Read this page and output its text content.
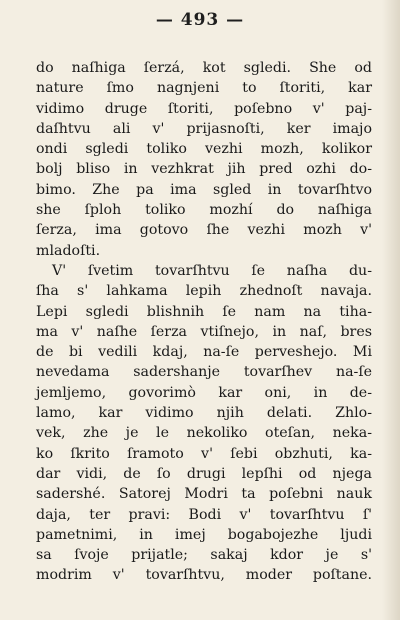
— 493 —
do naſhiga ſerzá, kot sgledi. She od
nature ſmo nagnjeni to ſtoriti, kar
vidimo druge ſtoriti, poſebno v' paj-
daſhtvu ali v' prijasnoſti, ker imajo
ondi sgledi toliko vezhi mozh, kolikor
bolj bliso in vezhkrat jih pred ozhi do-
bimo. Zhe pa ima sgled in tovarſhtvo
she ſploh toliko mozhí do naſhiga
ſerza, ima gotovo ſhe vezhi mozh v'
mladoſti.
V' ſvetim tovarſhtvu ſe naſha du-
ſha s' lahkama lepih zhednoſt navaja.
Lepi sgledi blishnih ſe nam na tiha-
ma v' naſhe ſerza vtiſnejo, in naſ, bres
de bi vedili kdaj, na-ſe perveshejo. Mi
nevedama sadershanje tovarſhev na-ſe
jemljemo, govorimò kar oni, in de-
lamo, kar vidimo njih delati. Zhlo-
vek, zhe je le nekoliko oteſan, neka-
ko ſkrito ſramoto v' ſebi obzhuti, ka-
dar vidi, de ſo drugi lepſhi od njega
sadershé. Satorej Modri ta poſebni nauk
daja, ter pravi: Bodi v' tovarſhtvu ſ'
pametnimi, in imej bogabojezhe ljudi
sa ſvoje prijatle; sakaj kdor je s'
modrim v' tovarſhtvu, moder poſtane.
